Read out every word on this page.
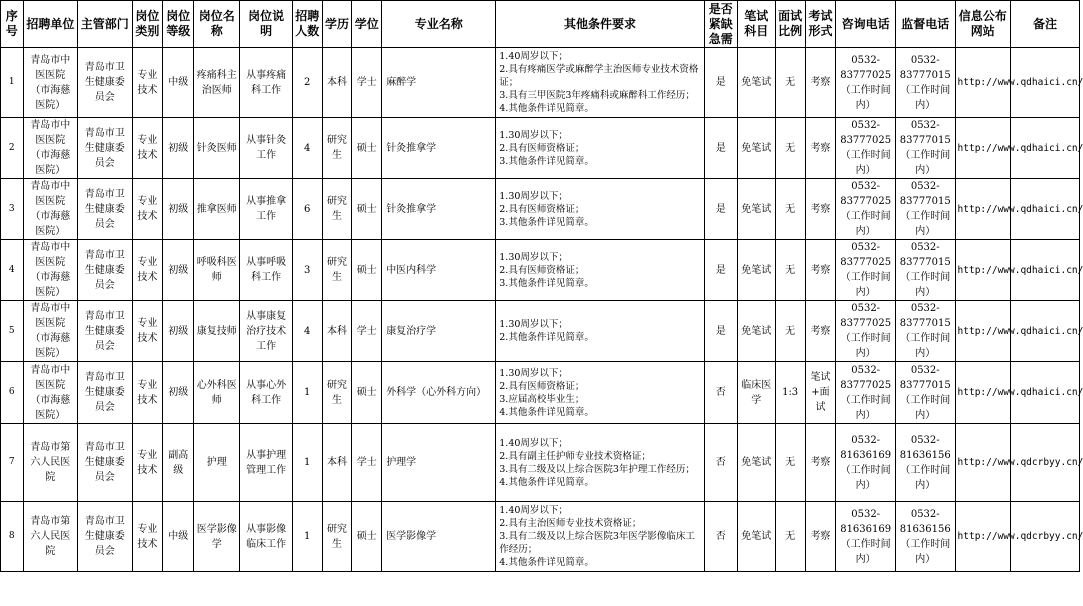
序号	招聘单位	主管部门	岗位类别	岗位等级	岗位名称	岗位说明	招聘人数	学历	学位	专业名称	其他条件要求	是否紧缺急需	笔试科目	面试比例	考试形式	咨询电话	监督电话	信息公布网站	备注
1	青岛市中医医院（市海慈医院）	青岛市卫生健康委员会	专业技术	中级	疼痛科主治医师	从事疼痛科工作	2	本科	学士	麻醉学	1.40周岁以下；
2.具有疼痛医学或麻醉学主治医师专业技术资格证；
3.具有三甲医院3年疼痛科或麻醉科工作经历；
4.其他条件详见简章。	是	免笔试	无	考察	0532-83777025（工作时间内）	0532-83777015（工作时间内）	http://www.qdhaici.cn/	
2	青岛市中医医院（市海慈医院）	青岛市卫生健康委员会	专业技术	初级	针灸医师	从事针灸工作	4	研究生	硕士	针灸推拿学	1.30周岁以下；
2.具有医师资格证；
3.其他条件详见简章。	是	免笔试	无	考察	0532-83777025（工作时间内）	0532-83777015（工作时间内）	http://www.qdhaici.cn/	
3	青岛市中医医院（市海慈医院）	青岛市卫生健康委员会	专业技术	初级	推拿医师	从事推拿工作	6	研究生	硕士	针灸推拿学	1.30周岁以下；
2.具有医师资格证；
3.其他条件详见简章。	是	免笔试	无	考察	0532-83777025（工作时间内）	0532-83777015（工作时间内）	http://www.qdhaici.cn/	
4	青岛市中医医院（市海慈医院）	青岛市卫生健康委员会	专业技术	初级	呼吸科医师	从事呼吸科工作	3	研究生	硕士	中医内科学	1.30周岁以下；
2.具有医师资格证；
3.其他条件详见简章。	是	免笔试	无	考察	0532-83777025（工作时间内）	0532-83777015（工作时间内）	http://www.qdhaici.cn/	
5	青岛市中医医院（市海慈医院）	青岛市卫生健康委员会	专业技术	初级	康复技师	从事康复治疗技术工作	4	本科	学士	康复治疗学	1.30周岁以下；
2.其他条件详见简章。	是	免笔试	无	考察	0532-83777025（工作时间内）	0532-83777015（工作时间内）	http://www.qdhaici.cn/	
6	青岛市中医医院（市海慈医院）	青岛市卫生健康委员会	专业技术	初级	心外科医师	从事心外科工作	1	研究生	硕士	外科学（心外科方向）	1.30周岁以下；
2.具有医师资格证；
3.应届高校毕业生；
4.其他条件详见简章。	否	临床医学	1:3	笔试+面试	0532-83777025（工作时间内）	0532-83777015（工作时间内）	http://www.qdhaici.cn/	
7	青岛市第六人民医院	青岛市卫生健康委员会	专业技术	副高级	护理	从事护理管理工作	1	本科	学士	护理学	1.40周岁以下；
2.具有副主任护师专业技术资格证；
3.具有二级及以上综合医院3年护理工作经历；
4.其他条件详见简章。	否	免笔试	无	考察	0532-81636169（工作时间内）	0532-81636156（工作时间内）	http://www.qdcrbyy.cn/	
8	青岛市第六人民医院	青岛市卫生健康委员会	专业技术	中级	医学影像学	从事影像临床工作	1	研究生	硕士	医学影像学	1.40周岁以下；
2.具有主治医师专业技术资格证；
3.具有二级及以上综合医院3年医学影像临床工作经历；
4.其他条件详见简章。	否	免笔试	无	考察	0532-81636169（工作时间内）	0532-81636156（工作时间内）	http://www.qdcrbyy.cn/	
